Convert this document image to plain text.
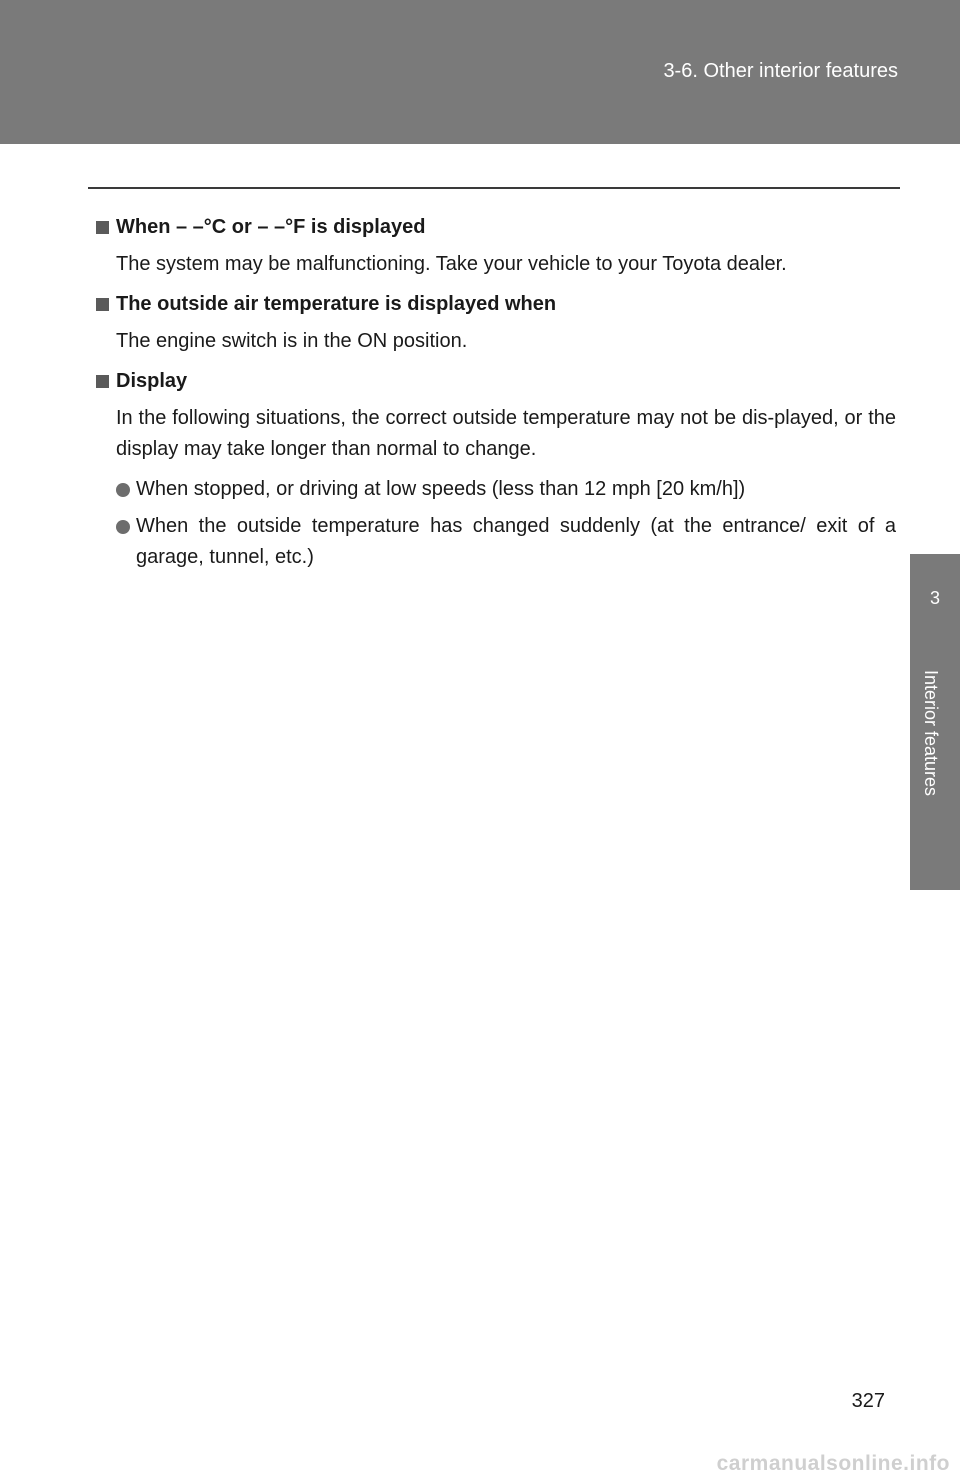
3-6. Other interior features
3
Interior features

When – –°C or – –°F is displayed

The system may be malfunctioning. Take your vehicle to your Toyota dealer.

The outside air temperature is displayed when

The engine switch is in the ON position.

Display

In the following situations, the correct outside temperature may not be dis-played, or the display may take longer than normal to change.

When stopped, or driving at low speeds (less than 12 mph [20 km/h])
When the outside temperature has changed suddenly (at the entrance/ exit of a garage, tunnel, etc.)
327
carmanualsonline.info
